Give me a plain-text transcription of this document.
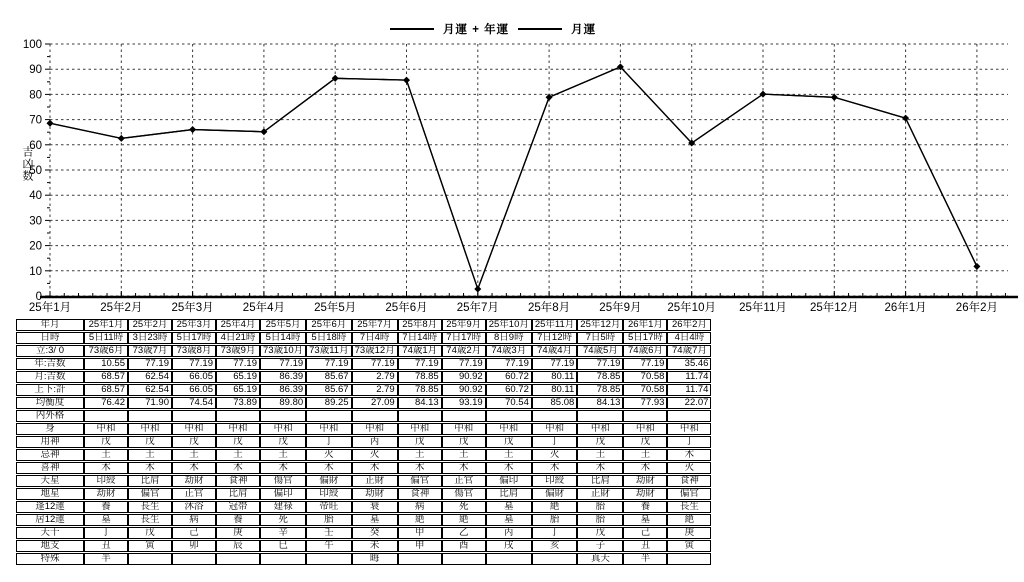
月運 + 年運	月運
吉凶数
0
10
20
30
40
50
60
70
80
90
100
25年1月	25年2月	25年3月	25年4月	25年5月	25年6月	25年7月	25年8月	25年9月 25年10月 25年11月 25年12月 26年1月	26年2月
年月	25年1月	25年2月	25年3月	25年4月	25年5月	25年6月	25年7月	25年8月	25年9月	25年10月	25年11月	25年12月	26年1月	26年2月
日時	5日11時	3日23時	5日17時	4日21時	5日14時	5日18時	7日4時	7日14時	7日17時	8日9時	7日12時	7日5時	5日17時	4日4時
立:3/ 0	73歳6月	73歳7月	73歳8月	73歳9月	73歳10月	73歳11月	73歳12月	74歳1月	74歳2月	74歳3月	74歳4月	74歳5月	74歳6月	74歳7月
年:吉数	10.55	77.19	77.19	77.19	77.19	77.19	77.19	77.19	77.19	77.19	77.19	77.19	77.19	35.46
月:吉数	68.57	62.54	66.05	65.19	86.39	85.67	2.79	78.85	90.92	60.72	80.11	78.85	70.58	11.74
上下:計	68.57	62.54	66.05	65.19	86.39	85.67	2.79	78.85	90.92	60.72	80.11	78.85	70.58	11.74
均衡度	76.42	71.90	74.54	73.89	89.80	89.25	27.09	84.13	93.19	70.54	85.08	84.13	77.93	22.07
内外格														
身	中和	中和	中和	中和	中和	中和	中和	中和	中和	中和	中和	中和	中和	中和
用神	戊	戊	戊	戊	戊	丁	丙	戊	戊	戊	丁	戊	戊	丁
忌神	土	土	土	土	土	火	火	土	土	土	火	土	土	木
喜神	木	木	木	木	木	木	木	木	木	木	木	木	木	火
天星	印綬	比肩	劫財	食神	傷官	偏財	正財	偏官	正官	偏印	印綬	比肩	劫財	食神
地星	劫財	偏官	正官	比肩	偏印	印綬	劫財	食神	傷官	比肩	偏財	正財	劫財	偏官
逢12運	養	長生	沐浴	冠帯	建禄	帝旺	衰	病	死	墓	絶	胎	養	長生
居12運	墓	長生	病	養	死	胎	墓	絶	絶	墓	胎	胎	墓	絶
天干	丁	戊	己	庚	辛	壬	癸	甲	乙	丙	丁	戊	己	庚
地支	丑	寅	卯	辰	巳	午	未	申	酉	戌	亥	子	丑	寅
特殊	半						晦					真天	半	
